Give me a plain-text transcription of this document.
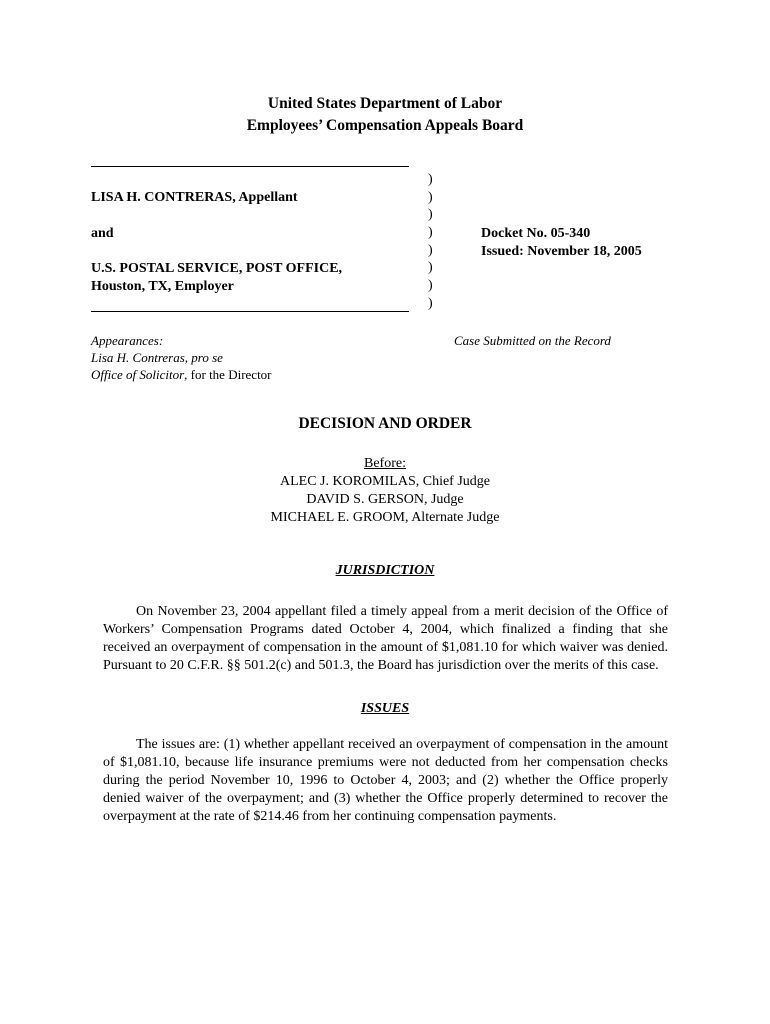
United States Department of Labor
Employees’ Compensation Appeals Board
LISA H. CONTRERAS, Appellant
and
U.S. POSTAL SERVICE, POST OFFICE,
Houston, TX, Employer
)
)
)
)
)
)
)
)
Docket No. 05-340
Issued: November 18, 2005
Appearances:
Lisa H. Contreras, pro se
Office of Solicitor, for the Director
Case Submitted on the Record
DECISION AND ORDER
Before:
ALEC J. KOROMILAS, Chief Judge
DAVID S. GERSON, Judge
MICHAEL E. GROOM, Alternate Judge
JURISDICTION

On November 23, 2004 appellant filed a timely appeal from a merit decision of the Office of Workers’ Compensation Programs dated October 4, 2004, which finalized a finding that she received an overpayment of compensation in the amount of $1,081.10 for which waiver was denied. Pursuant to 20 C.F.R. §§ 501.2(c) and 501.3, the Board has jurisdiction over the merits of this case.

ISSUES

The issues are: (1) whether appellant received an overpayment of compensation in the amount of $1,081.10, because life insurance premiums were not deducted from her compensation checks during the period November 10, 1996 to October 4, 2003; and (2) whether the Office properly denied waiver of the overpayment; and (3) whether the Office properly determined to recover the overpayment at the rate of $214.46 from her continuing compensation payments.
